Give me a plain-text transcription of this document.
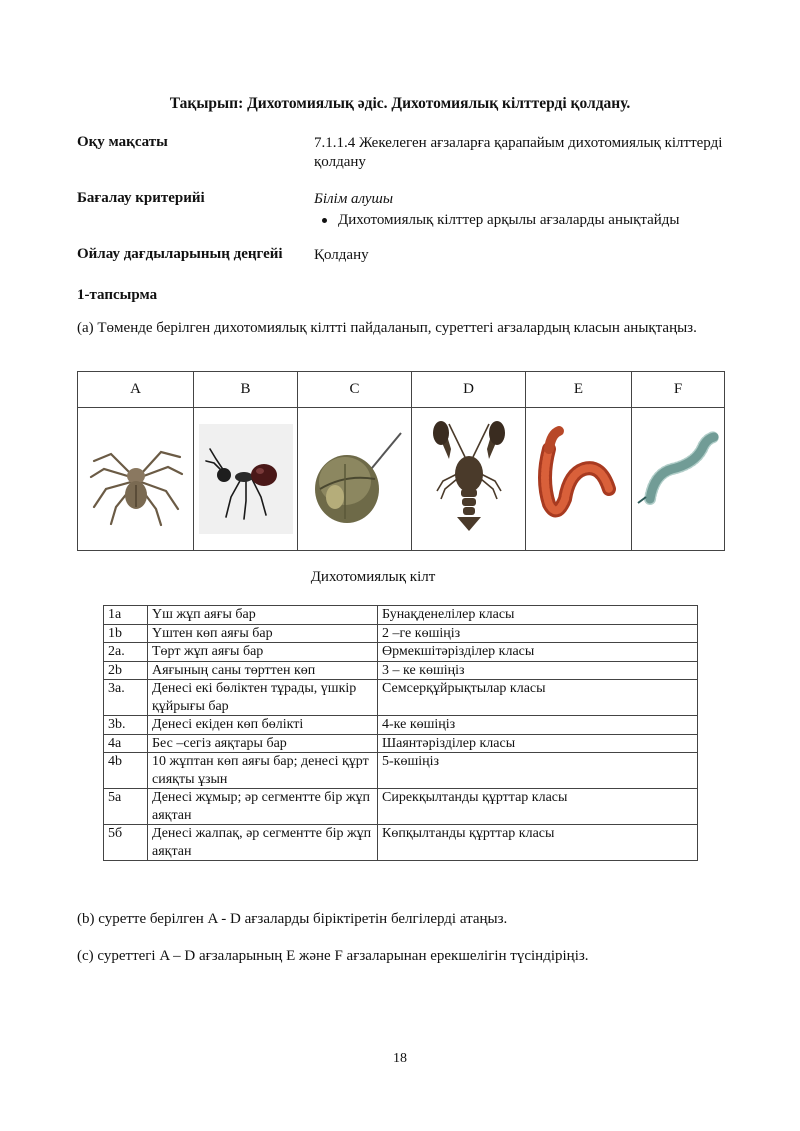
Тақырып: Дихотомиялық әдіс. Дихотомиялық кілттерді қолдану.
Оқу мақсаты	7.1.1.4 Жекелеген ағзаларға қарапайым дихотомиялық кілттерді қолдану
Бағалау критерийі	Білім алушы
Дихотомиялық кілттер арқылы ағзаларды анықтайды
Ойлау дағдыларының деңгейі Қолдану
1-тапсырма
(a) Төменде берілген дихотомиялық кілтті пайдаланып, суреттегі ағзалардың класын анықтаңыз.
A	B	C	D	E	F

Дихотомиялық кілт
1a	Үш жұп аяғы бар	Бунақденелілер класы
1b	Үштен көп аяғы бар	2 –ге көшіңіз
2a.	Төрт жұп аяғы бар	Өрмекшітәрізділер класы
2b	Аяғының саны төрттен көп	3 – ке көшіңіз
3a.	Денесі екі бөліктен тұрады, үшкір құйрығы бар	Семсерқұйрықтылар класы
3b.	Денесі екіден көп бөлікті	4-ке көшіңіз
4a	Бес –сегіз аяқтары бар	Шаянтәрізділер класы
4b	10 жұптан көп аяғы бар; денесі құрт сияқты ұзын	5-көшіңіз
5a	Денесі жұмыр; әр сегментте бір жұп аяқтан	Сирекқылтанды құрттар класы
5б	Денесі жалпақ, әр сегментте бір жұп аяқтан	Көпқылтанды құрттар класы
(b) суретте берілген A - D ағзаларды біріктіретін белгілерді атаңыз.
(c) суреттегі A – D ағзаларының E және F ағзаларынан ерекшелігін түсіндіріңіз.
18
